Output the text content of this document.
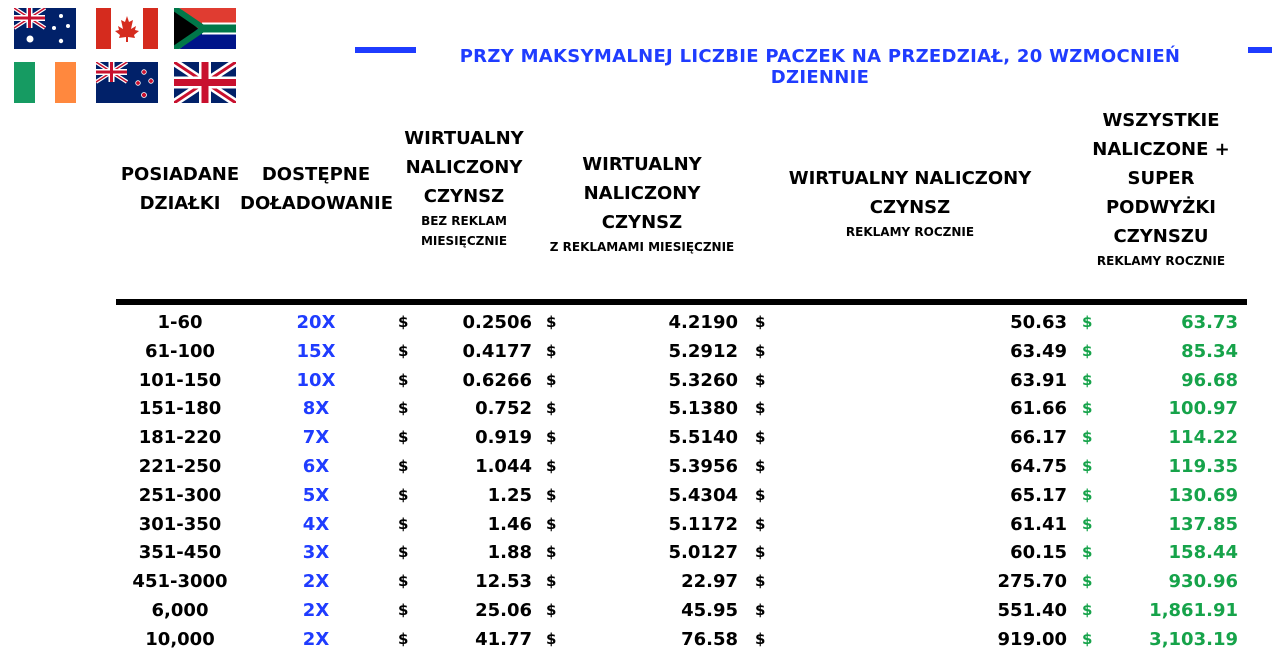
PRZY MAKSYMALNEJ LICZBIE PACZEK NA PRZEDZIAŁ, 20 WZMOCNIEŃ DZIENNIE
POSIADANE
DZIAŁKI
DOSTĘPNE
DOŁADOWANIE
WIRTUALNY
NALICZONY
CZYNSZ
BEZ REKLAM
MIESIĘCZNIE
WIRTUALNY
NALICZONY CZYNSZ
Z REKLAMAMI MIESIĘCZNIE
WIRTUALNY NALICZONY CZYNSZ
REKLAMY ROCZNIE
WSZYSTKIE
NALICZONE +
SUPER
PODWYŻKI
CZYNSZU
REKLAMY ROCZNIE
1-60	20X	$	0.2506 $	4.2190 $	50.63 $	63.73
61-100	15X	$	0.4177 $	5.2912 $	63.49 $	85.34
101-150	10X	$	0.6266 $	5.3260 $	63.91 $	96.68
151-180	8X	$	0.752 $	5.1380 $	61.66 $	100.97
181-220	7X	$	0.919 $	5.5140 $	66.17 $	114.22
221-250	6X	$	1.044 $	5.3956 $	64.75 $	119.35
251-300	5X	$	1.25 $	5.4304 $	65.17 $	130.69
301-350	4X	$	1.46 $	5.1172 $	61.41 $	137.85
351-450	3X	$	1.88 $	5.0127 $	60.15 $	158.44
451-3000	2X	$	12.53 $	22.97 $	275.70 $	930.96
6,000	2X	$	25.06 $	45.95 $	551.40 $	1,861.91
10,000	2X	$	41.77 $	76.58 $	919.00 $	3,103.19
